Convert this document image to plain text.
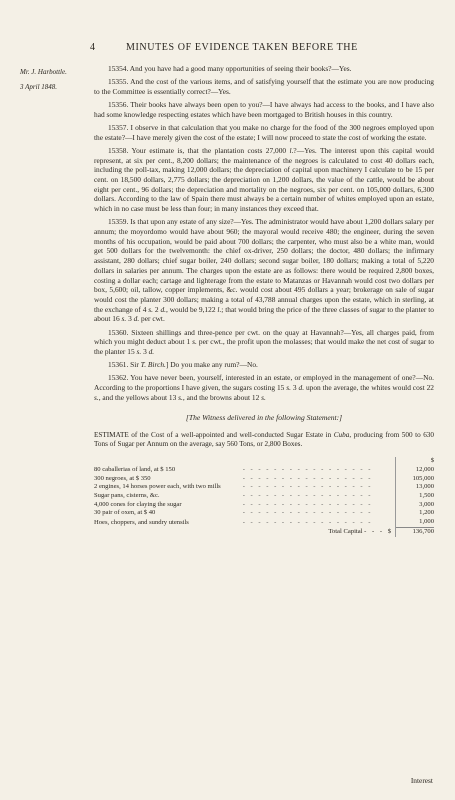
4	MINUTES OF EVIDENCE TAKEN BEFORE THE
Mr. J. Harbottle.
3 April 1848.

15354. And you have had a good many opportunities of seeing their books?—Yes.

15355. And the cost of the various items, and of satisfying yourself that the estimate you are now producing to the Committee is essentially correct?—Yes.

15356. Their books have always been open to you?—I have always had access to the books, and I have also had some knowledge respecting estates which have been mortgaged to British houses in this country.

15357. I observe in that calculation that you make no charge for the food of the 300 negroes employed upon the estate?—I have merely given the cost of the estate; I will now proceed to state the cost of working the estate.

15358. Your estimate is, that the plantation costs 27,000 l.?—Yes. The interest upon this capital would represent, at six per cent., 8,200 dollars; the maintenance of the negroes is calculated to cost 40 dollars each, including the poll-tax, making 12,000 dollars; the depreciation of capital upon machinery I calculate to be 15 per cent. on 18,500 dollars, 2,775 dollars; the depreciation on 1,200 dollars, the value of the cattle, would be about eight per cent., 96 dollars; the depreciation and mortality on the negroes, six per cent. on 105,000 dollars, 6,300 dollars. According to the law of Spain there must always be a certain number of whites employed upon an estate, which in no case must be less than four; in many instances they exceed that.

15359. Is that upon any estate of any size?—Yes. The administrator would have about 1,200 dollars salary per annum; the moyordomo would have about 960; the mayoral would receive 480; the engineer, during the seven months of his occupation, would be paid about 700 dollars; the carpenter, who must also be a white man, would get 500 dollars for the twelvemonth: the chief ox-driver, 250 dollars; the doctor, 480 dollars; the infirmary assistant, 280 dollars; chief sugar boiler, 240 dollars; second sugar boiler, 180 dollars; making a total of 5,220 dollars in salaries per annum. The charges upon the estate are as follows: there would be required 2,800 boxes, costing a dollar each; cartage and lighterage from the estate to Matanzas or Havannah would cost two dollars per box, 5,600; oil, tallow, copper implements, &c. would cost about 495 dollars a year; brokerage on sale of sugar would cost the planter 300 dollars; making a total of 43,788 annual charges upon the estate, which in sterling, at the exchange of 4 s. 2 d., would be 9,122 l.; that would bring the price of the three classes of sugar to the planter to about 16 s. 3 d. per cwt.

15360. Sixteen shillings and three-pence per cwt. on the quay at Havannah?—Yes, all charges paid, from which you might deduct about 1 s. per cwt., the profit upon the molasses; that would make the net cost of sugar to the planter 15 s. 3 d.

15361. Sir T. Birch.] Do you make any rum?—No.

15362. You have never been, yourself, interested in an estate, or employed in the management of one?—No. According to the proportions I have given, the sugars costing 15 s. 3 d. upon the average, the whites would cost 22 s., and the yellows about 13 s., and the browns about 12 s.

[The Witness delivered in the following Statement:]
ESTIMATE of the Cost of a well-appointed and well-conducted Sugar Estate in Cuba, producing from 500 to 630 Tons of Sugar per Annum on the average, say 560 Tons, or 2,800 Boxes.
		$
80 caballerias of land, at $ 150	- - - - - - - - - - - - - - - - -	12,000
300 negroes, at $ 350	- - - - - - - - - - - - - - - - -	105,000
2 engines, 14 horses power each, with two mills	- - - - - - - - - - - - - - - - -	13,000
Sugar pans, cisterns, &c.	- - - - - - - - - - - - - - - - -	1,500
4,000 cones for claying the sugar	- - - - - - - - - - - - - - - - -	3,000
30 pair of oxen, at $ 40	- - - - - - - - - - - - - - - - -	1,200
Hoes, choppers, and sundry utensils	- - - - - - - - - - - - - - - - -	1,000
	Total Capital - - - $	136,700
Interest
